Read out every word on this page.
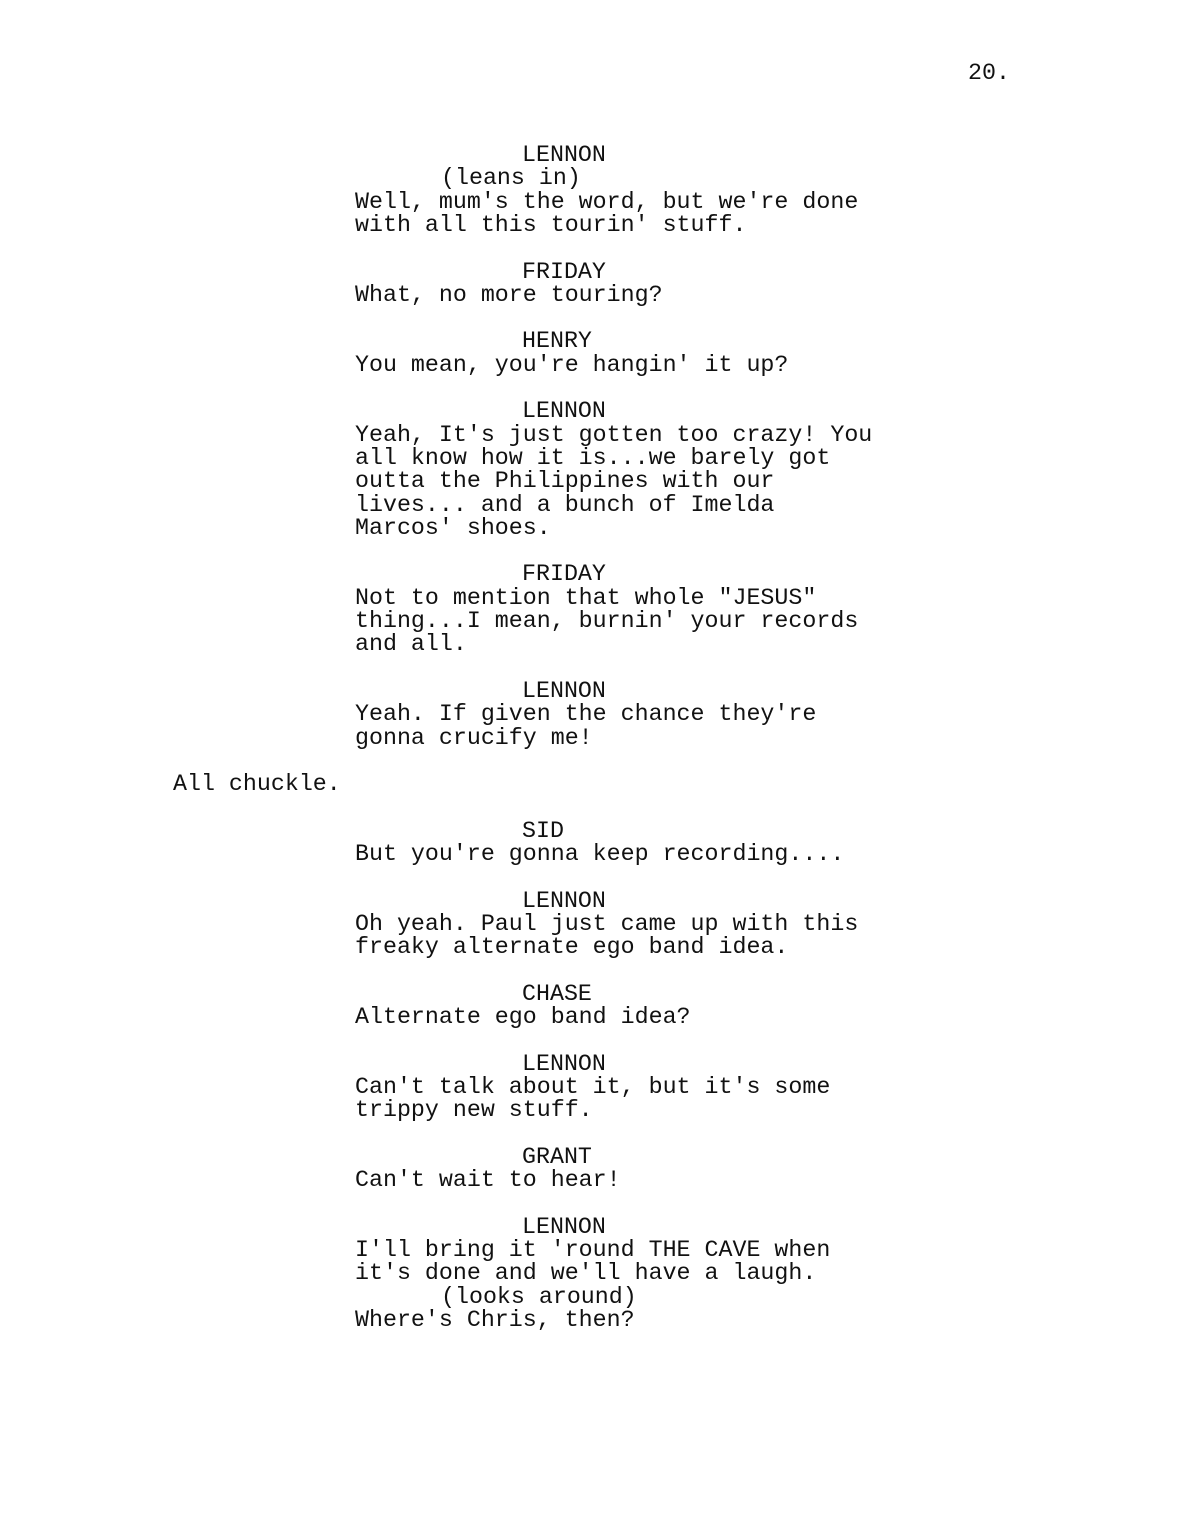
20.
LENNON
(leans in)
Well, mum's the word, but we're done
with all this tourin' stuff.
FRIDAY
What, no more touring?
HENRY
You mean, you're hangin' it up?
LENNON
Yeah, It's just gotten too crazy! You
all know how it is...we barely got
outta the Philippines with our
lives... and a bunch of Imelda
Marcos' shoes.
FRIDAY
Not to mention that whole "JESUS"
thing...I mean, burnin' your records
and all.
LENNON
Yeah. If given the chance they're
gonna crucify me!
All chuckle.
SID
But you're gonna keep recording....
LENNON
Oh yeah. Paul just came up with this
freaky alternate ego band idea.
CHASE
Alternate ego band idea?
LENNON
Can't talk about it, but it's some
trippy new stuff.
GRANT
Can't wait to hear!
LENNON
I'll bring it 'round THE CAVE when
it's done and we'll have a laugh.
(looks around)
Where's Chris, then?
